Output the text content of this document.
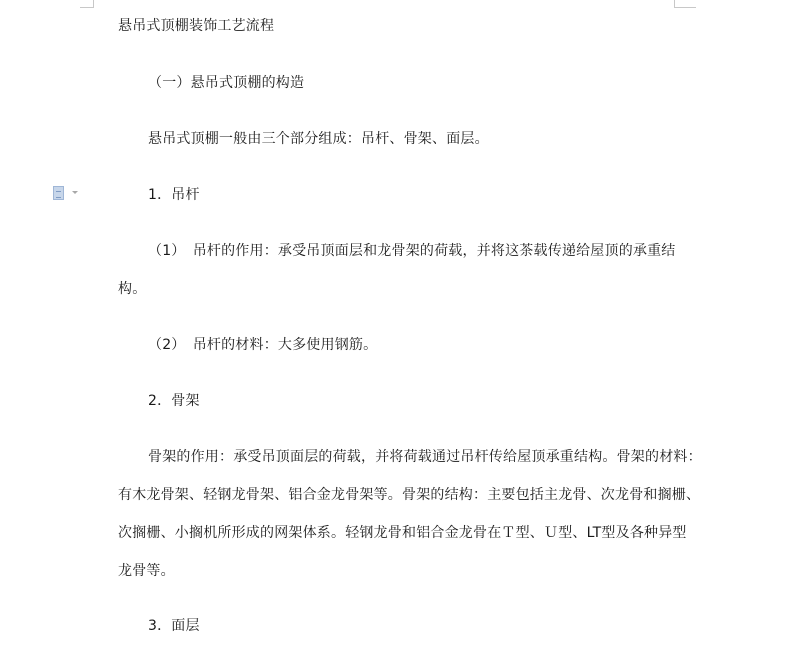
悬吊式顶棚装饰工艺流程
（一）悬吊式顶棚的构造
悬吊式顶棚一般由三个部分组成：吊杆、骨架、面层。
1．吊杆
（1）　吊杆的作用：承受吊顶面层和龙骨架的荷载，并将这茶载传递给屋顶的承重结
构。
（2）　吊杆的材料：大多使用钢筋。
2．骨架
骨架的作用：承受吊顶面层的荷载，并将荷载通过吊杆传给屋顶承重结构。骨架的材料：
有木龙骨架、轻钢龙骨架、铝合金龙骨架等。骨架的结构：主要包括主龙骨、次龙骨和搁栅、
次搁栅、小搁机所形成的网架体系。轻钢龙骨和铝合金龙骨在Ｔ型、Ｕ型、LT型及各种异型
龙骨等。
3．面层
